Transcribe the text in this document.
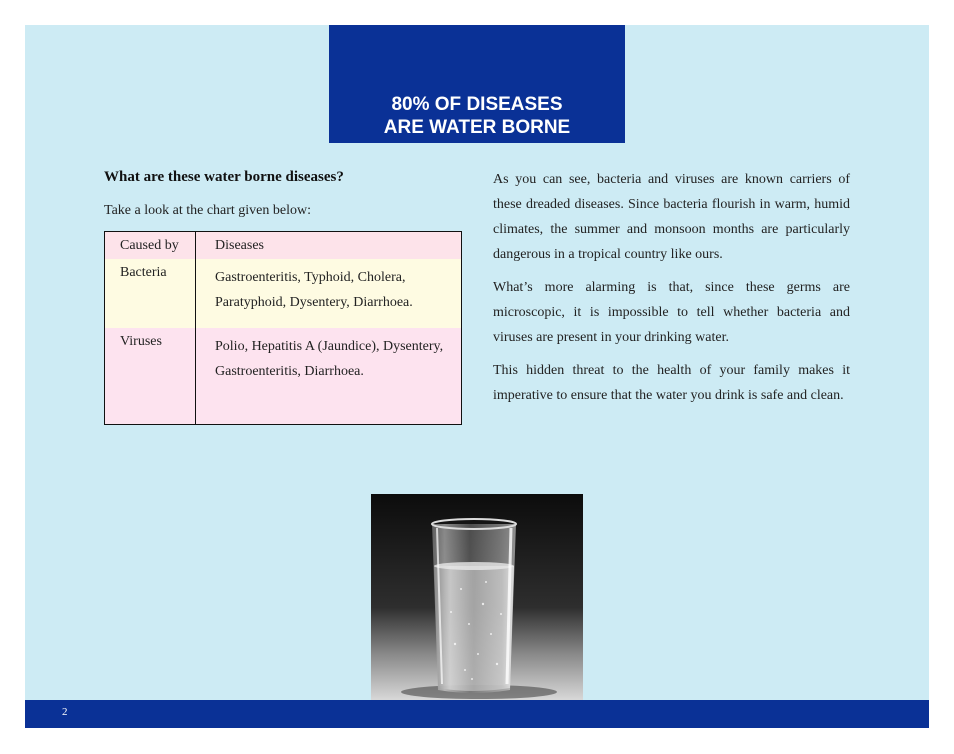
80% OF DISEASES
ARE WATER BORNE
What are these water borne diseases?
Take a look at the chart given below:
Caused by	Diseases
Bacteria	Gastroenteritis, Typhoid, Cholera, Paratyphoid, Dysentery, Diarrhoea.
Viruses	Polio, Hepatitis A (Jaundice), Dysentery, Gastroenteritis, Diarrhoea.

As you can see, bacteria and viruses are known carriers of these dreaded diseases. Since bacteria flourish in warm, humid climates, the summer and monsoon months are particularly dangerous in a tropical country like ours.

What’s more alarming is that, since these germs are microscopic, it is impossible to tell whether bacteria and viruses are present in your drinking water.

This hidden threat to the health of your family makes it imperative to ensure that the water you drink is safe and clean.

2
